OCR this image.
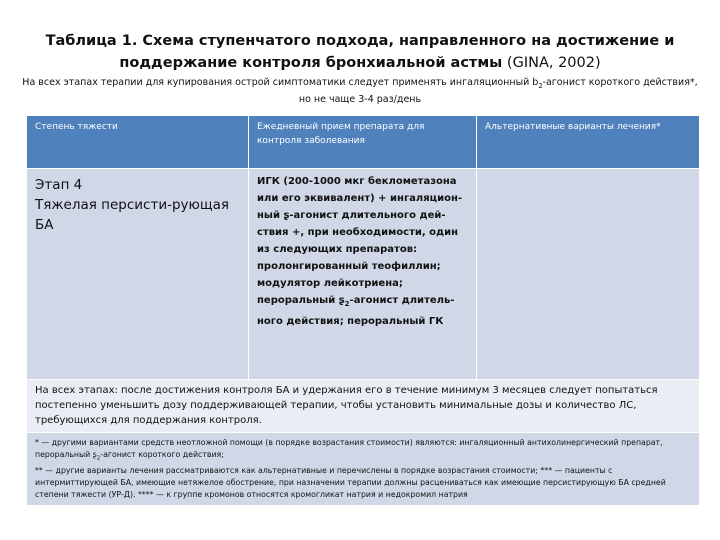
Таблица 1. Схема ступенчатого подхода, направленного на достижение и
поддержание контроля бронхиальной астмы (GINA, 2002)
На всех этапах терапии для купирования острой симптоматики следует применять ингаляционный $b_2$-агонист короткого действия*, но не чаще 3-4 раз/день
Степень тяжести	Ежедневный прием препарата для контроля заболевания	Альтернативные варианты лечения*

Этап 4
Тяжелая персисти-рующая БА	ИГК (200-1000 мкг беклометазона или его эквивалент) + ингаляцион-ный ʂ-агонист длительного дей-ствия +, при необходимости, один из следующих препаратов: пролонгированный теофиллин; модулятор лейкотриена; пероральный ʂ$_2$-агонист длитель-ного действия; пероральный ГК	
На всех этапах: после достижения контроля БА и удержания его в течение минимум 3 месяцев следует попытаться постепенно уменьшить дозу поддерживающей терапии, чтобы установить минимальные дозы и количество ЛС, требующихся для поддержания контроля.		

* — другими вариантами средств неотложной помощи (в порядке возрастания стоимости) являются: ингаляционный антихолинергический препарат, пероральный ʂ$_2$-агонист короткого действия;
** — другие варианты лечения рассматриваются как альтернативные и перечислены в порядке возрастания стоимости; *** — пациенты с интермиттирующей БА, имеющие нетяжелое обострение, при назначении терапии должны расцениваться как имеющие персистирующую БА средней степени тяжести (УР-Д). **** — к группе кромонов относятся кромогликат натрия и недокромил натрия		
